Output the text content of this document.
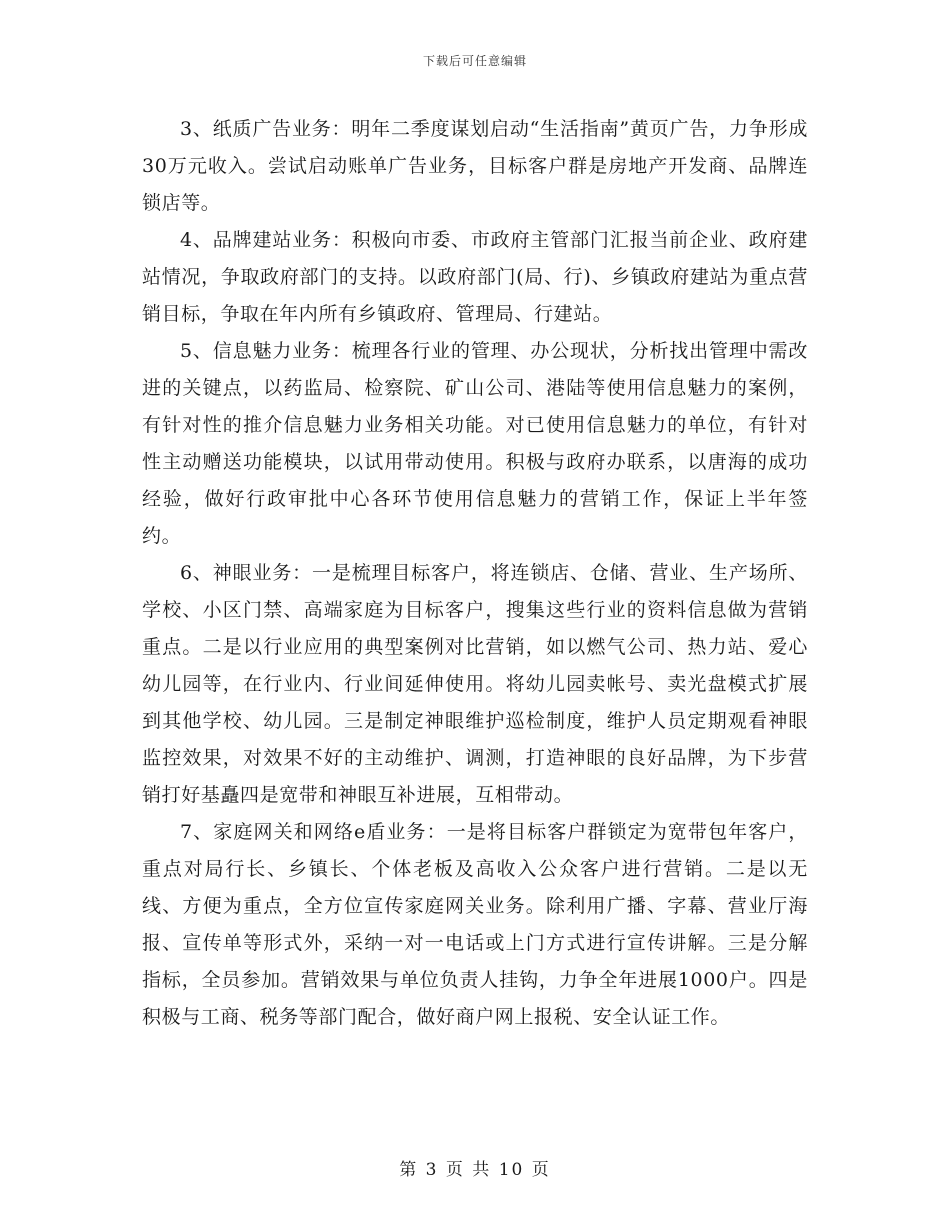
下载后可任意编辑

3、纸质广告业务：明年二季度谋划启动“生活指南”黄页广告，力争形成30万元收入。尝试启动账单广告业务，目标客户群是房地产开发商、品牌连锁店等。

4、品牌建站业务：积极向市委、市政府主管部门汇报当前企业、政府建站情况，争取政府部门的支持。以政府部门(局、行)、乡镇政府建站为重点营销目标，争取在年内所有乡镇政府、管理局、行建站。

5、信息魅力业务：梳理各行业的管理、办公现状，分析找出管理中需改进的关键点，以药监局、检察院、矿山公司、港陆等使用信息魅力的案例，有针对性的推介信息魅力业务相关功能。对已使用信息魅力的单位，有针对性主动赠送功能模块，以试用带动使用。积极与政府办联系，以唐海的成功经验，做好行政审批中心各环节使用信息魅力的营销工作，保证上半年签约。

6、神眼业务：一是梳理目标客户，将连锁店、仓储、营业、生产场所、学校、小区门禁、高端家庭为目标客户，搜集这些行业的资料信息做为营销重点。二是以行业应用的典型案例对比营销，如以燃气公司、热力站、爱心幼儿园等，在行业内、行业间延伸使用。将幼儿园卖帐号、卖光盘模式扩展到其他学校、幼儿园。三是制定神眼维护巡检制度，维护人员定期观看神眼监控效果，对效果不好的主动维护、调测，打造神眼的良好品牌，为下步营销打好基矗四是宽带和神眼互补进展，互相带动。

7、家庭网关和网络e盾业务：一是将目标客户群锁定为宽带包年客户，重点对局行长、乡镇长、个体老板及高收入公众客户进行营销。二是以无线、方便为重点，全方位宣传家庭网关业务。除利用广播、字幕、营业厅海报、宣传单等形式外，采纳一对一电话或上门方式进行宣传讲解。三是分解指标，全员参加。营销效果与单位负责人挂钩，力争全年进展1000户。四是积极与工商、税务等部门配合，做好商户网上报税、安全认证工作。

第 3 页 共 10 页
